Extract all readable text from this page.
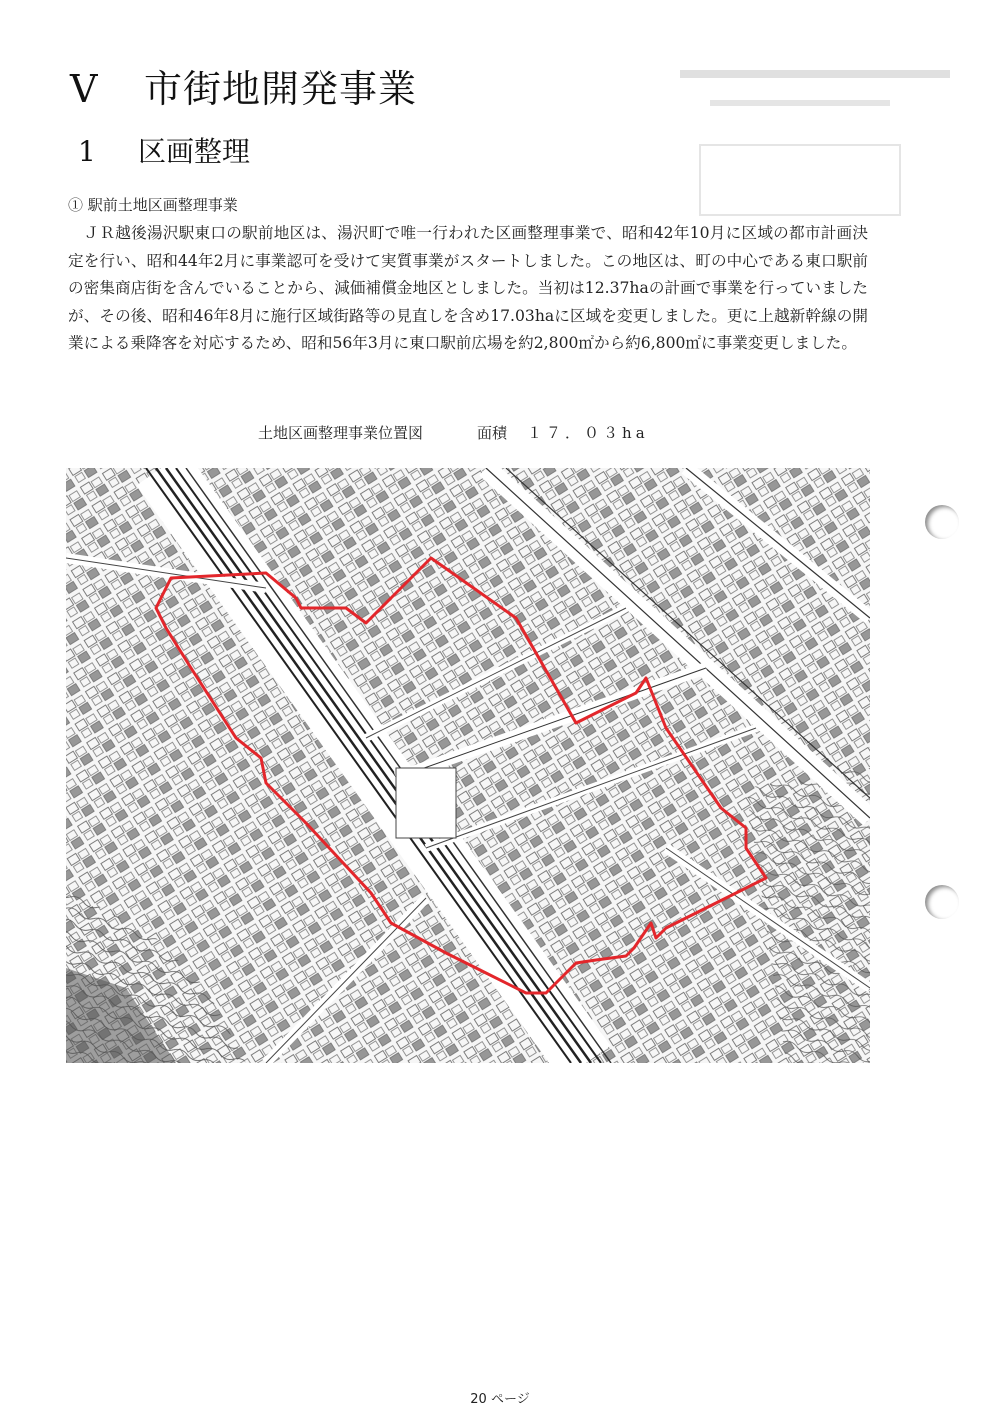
V 市街地開発事業
1 区画整理
① 駅前土地区画整理事業

ＪＲ越後湯沢駅東口の駅前地区は、湯沢町で唯一行われた区画整理事業で、昭和42年10月に区域の都市計画決定を行い、昭和44年2月に事業認可を受けて実質事業がスタートしました。この地区は、町の中心である東口駅前の密集商店街を含んでいることから、減価補償金地区としました。当初は12.37haの計画で事業を行っていましたが、その後、昭和46年8月に施行区域街路等の見直しを含め17.03haに区域を変更しました。更に上越新幹線の開業による乗降客を対応するため、昭和56年3月に東口駅前広場を約2,800㎡から約6,800㎡に事業変更しました。

土地区画整理事業位置図	面積 １７．０３ha
20 ページ
